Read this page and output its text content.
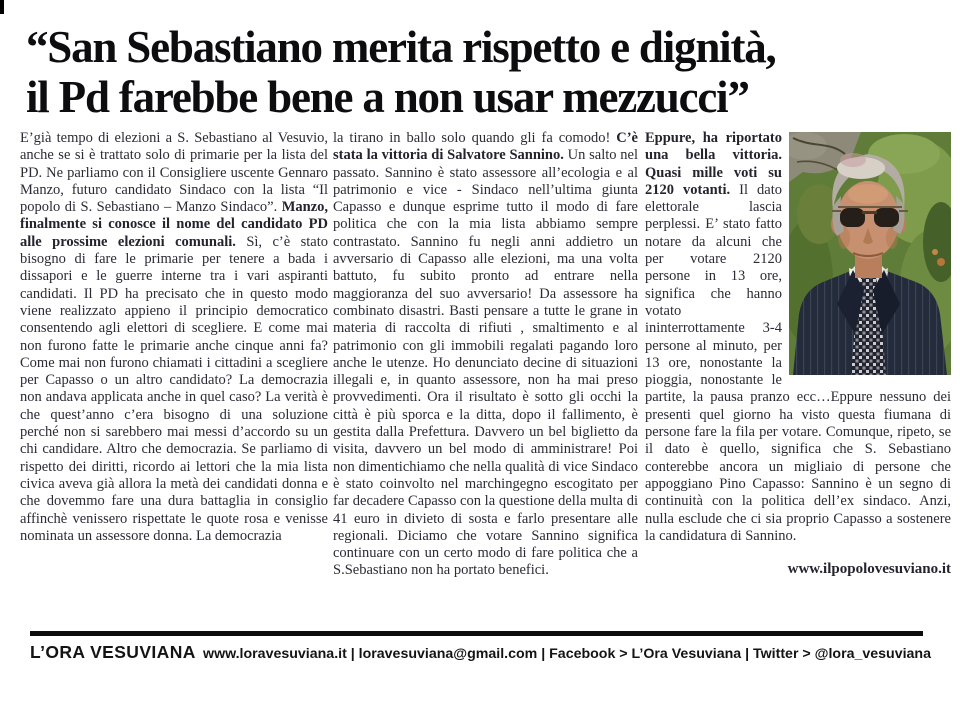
“San Sebastiano merita rispetto e dignità,
il Pd farebbe bene a non usar mezzucci”
E’già tempo di elezioni a S. Sebastiano al Vesuvio, anche se si è trattato solo di primarie per la lista del PD. Ne parliamo con il Consigliere uscente Gennaro Manzo, futuro candidato Sindaco con la lista “Il popolo di S. Sebastiano – Manzo Sindaco”. Manzo, finalmente si conosce il nome del candidato PD alle prossime elezioni comunali. Sì, c’è stato bisogno di fare le primarie per tenere a bada i dissapori e le guerre interne tra i vari aspiranti candidati. Il PD ha precisato che in questo modo viene realizzato appieno il principio democratico consentendo agli elettori di scegliere. E come mai non furono fatte le primarie anche cinque anni fa? Come mai non furono chiamati i cittadini a scegliere per Capasso o un altro candidato? La democrazia non andava applicata anche in quel caso? La verità è che quest’anno c’era bisogno di una soluzione perché non si sarebbero mai messi d’accordo su un chi candidare. Altro che democrazia. Se parliamo di rispetto dei diritti, ricordo ai lettori che la mia lista civica aveva già allora la metà dei candidati donna e che dovemmo fare una dura battaglia in consiglio affinchè venissero rispettate le quote rosa e venisse nominata un assessore donna. La democrazia
la tirano in ballo solo quando gli fa comodo! C’è stata la vittoria di Salvatore Sannino. Un salto nel passato. Sannino è stato assessore all’ecologia e al patrimonio e vice - Sindaco nell’ultima giunta Capasso e dunque esprime tutto il modo di fare politica che con la mia lista abbiamo sempre contrastato. Sannino fu negli anni addietro un avversario di Capasso alle elezioni, ma una volta battuto, fu subito pronto ad entrare nella maggioranza del suo avversario! Da assessore ha combinato disastri. Basti pensare a tutte le grane in materia di raccolta di rifiuti , smaltimento e al patrimonio con gli immobili regalati pagando loro anche le utenze. Ho denunciato decine di situazioni illegali e, in quanto assessore, non ha mai preso provvedimenti. Ora il risultato è sotto gli occhi la città è più sporca e la ditta, dopo il fallimento, è gestita dalla Prefettura. Davvero un bel biglietto da visita, davvero un bel modo di amministrare! Poi non dimentichiamo che nella qualità di vice Sindaco è stato coinvolto nel marchingegno escogitato per far decadere Capasso con la questione della multa di 41 euro in divieto di sosta e farlo presentare alle regionali. Diciamo che votare Sannino significa continuare con un certo modo di fare politica che a S.Sebastiano non ha portato benefici.
Eppure, ha riportato una bella vittoria. Quasi mille voti su 2120 votanti. Il dato elettorale lascia perplessi. E’ stato fatto notare da alcuni che per votare 2120 persone in 13 ore, significa che hanno votato ininterrottamente 3-4 persone al minuto, per 13 ore, nonostante la pioggia, nonostante le partite, la pausa pranzo ecc…Eppure nessuno dei presenti quel giorno ha visto questa fiumana di persone fare la fila per votare. Comunque, ripeto, se il dato è quello, significa che S. Sebastiano conterebbe ancora un migliaio di persone che appoggiano Pino Capasso: Sannino è un segno di continuità con la politica dell’ex sindaco. Anzi, nulla esclude che ci sia proprio Capasso a sostenere la candidatura di Sannino.
www.ilpopolovesuviano.it
L’ORA VESUVIANA www.loravesuviana.it | loravesuviana@gmail.com | Facebook > L’Ora Vesuviana | Twitter > @lora_vesuviana
